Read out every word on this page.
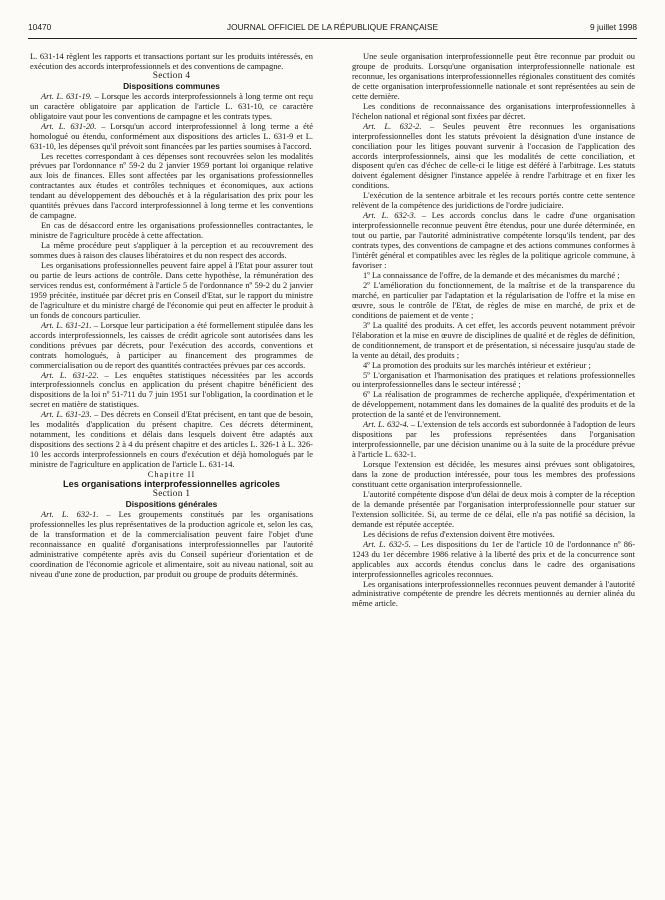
10470	JOURNAL OFFICIEL DE LA RÉPUBLIQUE FRANÇAISE	9 juillet 1998

L. 631-14 règlent les rapports et transactions portant sur les produits intéressés, en exécution des accords interprofessionnels et des conventions de campagne.

Section 4

Dispositions communes

Art. L. 631-19. – Lorsque les accords interprofessionnels à long terme ont reçu un caractère obligatoire par application de l'article L. 631-10, ce caractère obligatoire vaut pour les conventions de campagne et les contrats types.

Art. L. 631-20. – Lorsqu'un accord interprofessionnel à long terme a été homologué ou étendu, conformément aux dispositions des articles L. 631-9 et L. 631-10, les dépenses qu'il prévoit sont financées par les parties soumises à l'accord.

Les recettes correspondant à ces dépenses sont recouvrées selon les modalités prévues par l'ordonnance nº 59-2 du 2 janvier 1959 portant loi organique relative aux lois de finances. Elles sont affectées par les organisations professionnelles contractantes aux études et contrôles techniques et économiques, aux actions tendant au développement des débouchés et à la régularisation des prix pour les quantités prévues dans l'accord interprofessionnel à long terme et les conventions de campagne.

En cas de désaccord entre les organisations professionnelles contractantes, le ministre de l'agriculture procède à cette affectation.

La même procédure peut s'appliquer à la perception et au recouvrement des sommes dues à raison des clauses libératoires et du non respect des accords.

Les organisations professionnelles peuvent faire appel à l'Etat pour assurer tout ou partie de leurs actions de contrôle. Dans cette hypothèse, la rémunération des services rendus est, conformément à l'article 5 de l'ordonnance nº 59-2 du 2 janvier 1959 précitée, instituée par décret pris en Conseil d'Etat, sur le rapport du ministre de l'agriculture et du ministre chargé de l'économie qui peut en affecter le produit à un fonds de concours particulier.

Art. L. 631-21. – Lorsque leur participation a été formellement stipulée dans les accords interprofessionnels, les caisses de crédit agricole sont autorisées dans les conditions prévues par décrets, pour l'exécution des accords, conventions et contrats homologués, à participer au financement des programmes de commercialisation ou de report des quantités contractées prévues par ces accords.

Art. L. 631-22. – Les enquêtes statistiques nécessitées par les accords interprofessionnels conclus en application du présent chapitre bénéficient des dispositions de la loi nº 51-711 du 7 juin 1951 sur l'obligation, la coordination et le secret en matière de statistiques.

Art. L. 631-23. – Des décrets en Conseil d'Etat précisent, en tant que de besoin, les modalités d'application du présent chapitre. Ces décrets déterminent, notamment, les conditions et délais dans lesquels doivent être adaptés aux dispositions des sections 2 à 4 du présent chapitre et des articles L. 326-1 à L. 326-10 les accords interprofessionnels en cours d'exécution et déjà homologués par le ministre de l'agriculture en application de l'article L. 631-14.

Chapitre II

Les organisations interprofessionnelles agricoles

Section 1

Dispositions générales

Art. L. 632-1. – Les groupements constitués par les organisations professionnelles les plus représentatives de la production agricole et, selon les cas, de la transformation et de la commercialisation peuvent faire l'objet d'une reconnaissance en qualité d'organisations interprofessionnelles par l'autorité administrative compétente après avis du Conseil supérieur d'orientation et de coordination de l'économie agricole et alimentaire, soit au niveau national, soit au niveau d'une zone de production, par produit ou groupe de produits déterminés.

Une seule organisation interprofessionnelle peut être reconnue par produit ou groupe de produits. Lorsqu'une organisation interprofessionnelle nationale est reconnue, les organisations interprofessionnelles régionales constituent des comités de cette organisation interprofessionnelle nationale et sont représentées au sein de cette dernière.

Les conditions de reconnaissance des organisations interprofessionnelles à l'échelon national et régional sont fixées par décret.

Art. L. 632-2. – Seules peuvent être reconnues les organisations interprofessionnelles dont les statuts prévoient la désignation d'une instance de conciliation pour les litiges pouvant survenir à l'occasion de l'application des accords interprofessionnels, ainsi que les modalités de cette conciliation, et disposent qu'en cas d'échec de celle-ci le litige est déféré à l'arbitrage. Les statuts doivent également désigner l'instance appelée à rendre l'arbitrage et en fixer les conditions.

L'exécution de la sentence arbitrale et les recours portés contre cette sentence relèvent de la compétence des juridictions de l'ordre judiciaire.

Art. L. 632-3. – Les accords conclus dans le cadre d'une organisation interprofessionnelle reconnue peuvent être étendus, pour une durée déterminée, en tout ou partie, par l'autorité administrative compétente lorsqu'ils tendent, par des contrats types, des conventions de campagne et des actions communes conformes à l'intérêt général et compatibles avec les règles de la politique agricole commune, à favoriser :

1º La connaissance de l'offre, de la demande et des mécanismes du marché ;

2º L'amélioration du fonctionnement, de la maîtrise et de la transparence du marché, en particulier par l'adaptation et la régularisation de l'offre et la mise en œuvre, sous le contrôle de l'Etat, de règles de mise en marché, de prix et de conditions de paiement et de vente ;

3º La qualité des produits. A cet effet, les accords peuvent notamment prévoir l'élaboration et la mise en œuvre de disciplines de qualité et de règles de définition, de conditionnement, de transport et de présentation, si nécessaire jusqu'au stade de la vente au détail, des produits ;

4º La promotion des produits sur les marchés intérieur et extérieur ;

5º L'organisation et l'harmonisation des pratiques et relations professionnelles ou interprofessionnelles dans le secteur intéressé ;

6º La réalisation de programmes de recherche appliquée, d'expérimentation et de développement, notamment dans les domaines de la qualité des produits et de la protection de la santé et de l'environnement.

Art. L. 632-4. – L'extension de tels accords est subordonnée à l'adoption de leurs dispositions par les professions représentées dans l'organisation interprofessionnelle, par une décision unanime ou à la suite de la procédure prévue à l'article L. 632-1.

Lorsque l'extension est décidée, les mesures ainsi prévues sont obligatoires, dans la zone de production intéressée, pour tous les membres des professions constituant cette organisation interprofessionnelle.

L'autorité compétente dispose d'un délai de deux mois à compter de la réception de la demande présentée par l'organisation interprofessionnelle pour statuer sur l'extension sollicitée. Si, au terme de ce délai, elle n'a pas notifié sa décision, la demande est réputée acceptée.

Les décisions de refus d'extension doivent être motivées.

Art. L. 632-5. – Les dispositions du 1er de l'article 10 de l'ordonnance nº 86-1243 du 1er décembre 1986 relative à la liberté des prix et de la concurrence sont applicables aux accords étendus conclus dans le cadre des organisations interprofessionnelles agricoles reconnues.

Les organisations interprofessionnelles reconnues peuvent demander à l'autorité administrative compétente de prendre les décrets mentionnés au dernier alinéa du même article.
